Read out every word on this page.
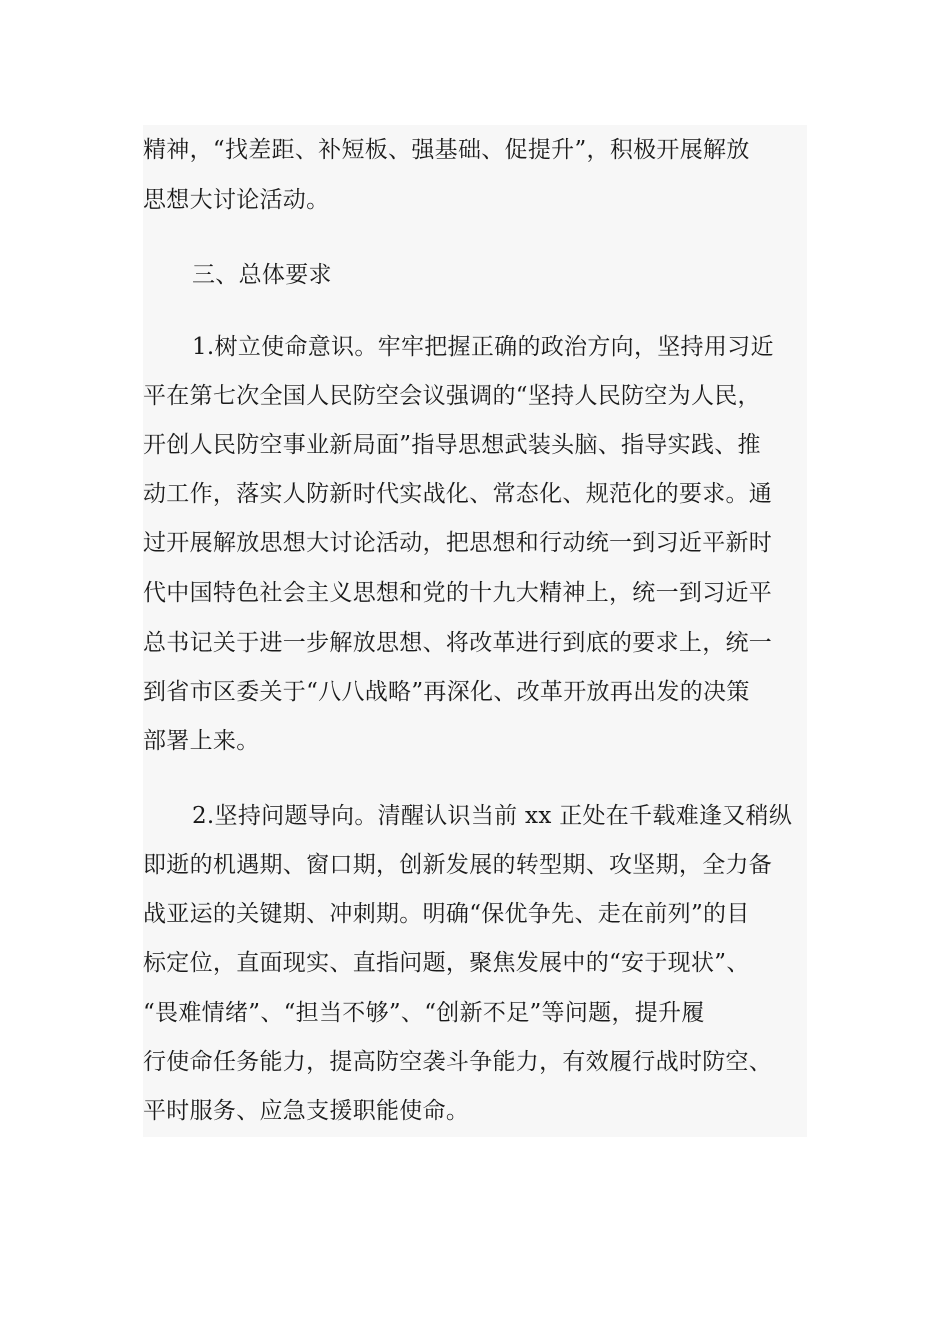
精神，“找差距、补短板、强基础、促提升”，积极开展解放
思想大讨论活动。
三、总体要求
1.树立使命意识。牢牢把握正确的政治方向，坚持用习近
平在第七次全国人民防空会议强调的“坚持人民防空为人民，
开创人民防空事业新局面”指导思想武装头脑、指导实践、推
动工作，落实人防新时代实战化、常态化、规范化的要求。通
过开展解放思想大讨论活动，把思想和行动统一到习近平新时
代中国特色社会主义思想和党的十九大精神上，统一到习近平
总书记关于进一步解放思想、将改革进行到底的要求上，统一
到省市区委关于“八八战略”再深化、改革开放再出发的决策
部署上来。
2.坚持问题导向。清醒认识当前 xx 正处在千载难逢又稍纵
即逝的机遇期、窗口期，创新发展的转型期、攻坚期，全力备
战亚运的关键期、冲刺期。明确“保优争先、走在前列”的目
标定位，直面现实、直指问题，聚焦发展中的“安于现状”、
“畏难情绪”、“担当不够”、“创新不足”等问题，提升履
行使命任务能力，提高防空袭斗争能力，有效履行战时防空、
平时服务、应急支援职能使命。
